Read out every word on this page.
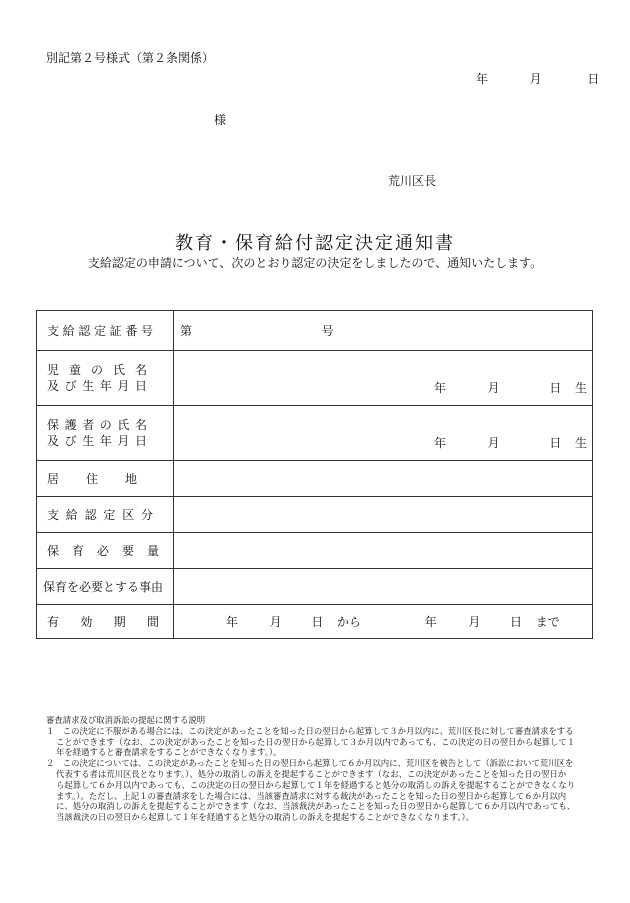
別記第２号様式（第２条関係）
年	月	日
様
荒川区長
教育・保育給付認定決定通知書
支給認定の申請について、次のとおり認定の決定をしましたので、通知いたします。
支給認定証番号	第 号

児童の氏名
及び生年月日	年 月 日 生

保護者の氏名
及び生年月日	年 月 日 生

居住地	

支給認定区分	

保育必要量	

保育を必要とする事由	

有効期間	年 月 日 から 年 月 日 まで
審査請求及び取消訴訟の提起に関する説明
１　この決定に不服がある場合には、この決定があったことを知った日の翌日から起算して３か月以内に、荒川区長に対して審査請求をする
ことができます（なお、この決定があったことを知った日の翌日から起算して３か月以内であっても、この決定の日の翌日から起算して１
年を経過すると審査請求をすることができなくなります。）。
２　この決定については、この決定があったことを知った日の翌日から起算して６か月以内に、荒川区を被告として（訴訟において荒川区を
代表する者は荒川区長となります。）、処分の取消しの訴えを提起することができます（なお、この決定があったことを知った日の翌日か
ら起算して６か月以内であっても、この決定の日の翌日から起算して１年を経過すると処分の取消しの訴えを提起することができなくなり
ます。）。ただし、上記１の審査請求をした場合には、当該審査請求に対する裁決があったことを知った日の翌日から起算して６か月以内
に、処分の取消しの訴えを提起することができます（なお、当該裁決があったことを知った日の翌日から起算して６か月以内であっても、
当該裁決の日の翌日から起算して１年を経過すると処分の取消しの訴えを提起することができなくなります。）。
